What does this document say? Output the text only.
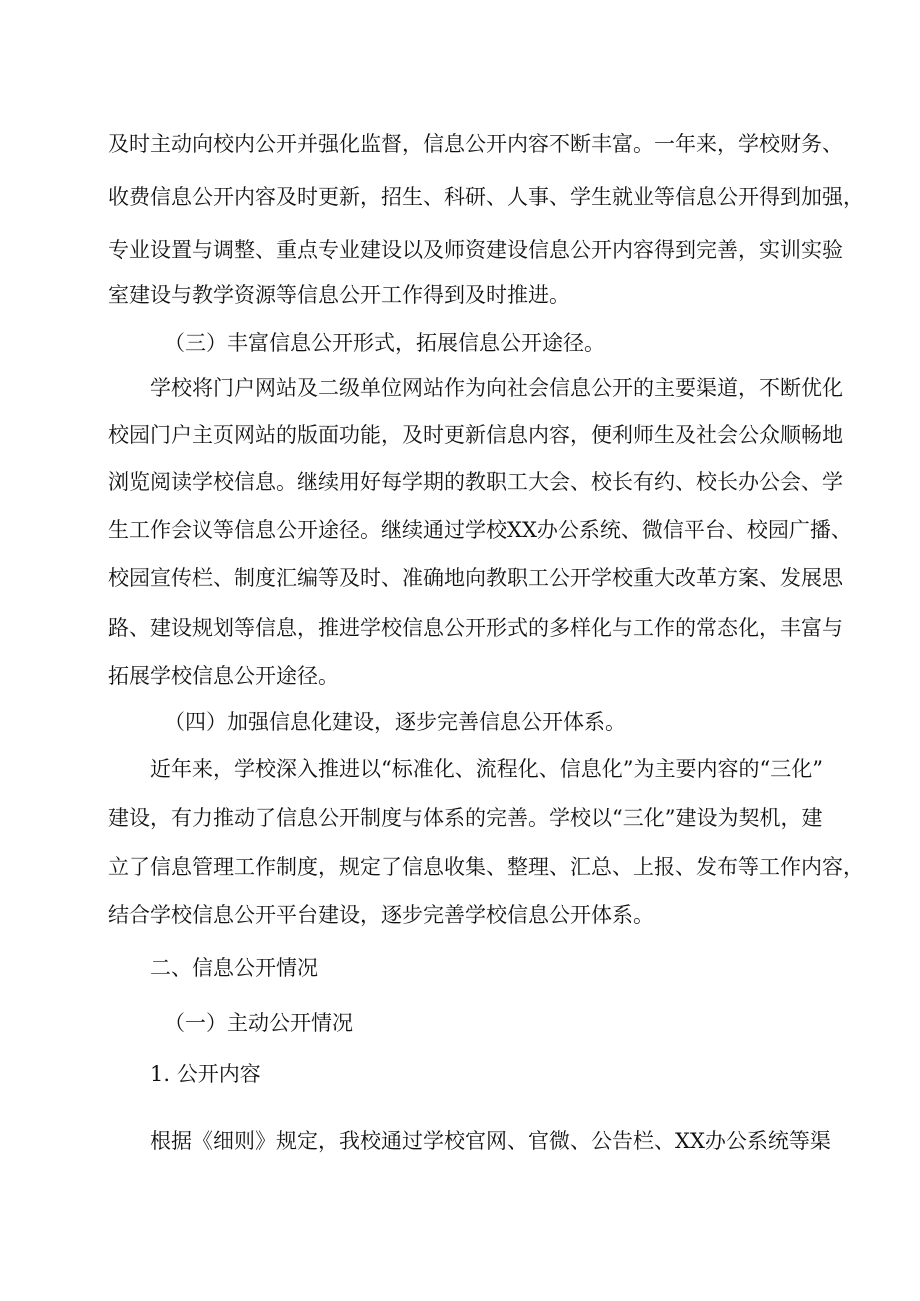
及时主动向校内公开并强化监督，信息公开内容不断丰富。一年来，学校财务、
收费信息公开内容及时更新，招生、科研、人事、学生就业等信息公开得到加强，
专业设置与调整、重点专业建设以及师资建设信息公开内容得到完善，实训实验
室建设与教学资源等信息公开工作得到及时推进。
（三）丰富信息公开形式，拓展信息公开途径。
学校将门户网站及二级单位网站作为向社会信息公开的主要渠道，不断优化
校园门户主页网站的版面功能，及时更新信息内容，便利师生及社会公众顺畅地
浏览阅读学校信息。继续用好每学期的教职工大会、校长有约、校长办公会、学
生工作会议等信息公开途径。继续通过学校XX办公系统、微信平台、校园广播、
校园宣传栏、制度汇编等及时、准确地向教职工公开学校重大改革方案、发展思
路、建设规划等信息，推进学校信息公开形式的多样化与工作的常态化，丰富与
拓展学校信息公开途径。
（四）加强信息化建设，逐步完善信息公开体系。
近年来，学校深入推进以“标准化、流程化、信息化”为主要内容的“三化”
建设，有力推动了信息公开制度与体系的完善。学校以“三化”建设为契机，建
立了信息管理工作制度，规定了信息收集、整理、汇总、上报、发布等工作内容，
结合学校信息公开平台建设，逐步完善学校信息公开体系。
二、信息公开情况
（一）主动公开情况
1. 公开内容
根据《细则》规定，我校通过学校官网、官微、公告栏、XX办公系统等渠
